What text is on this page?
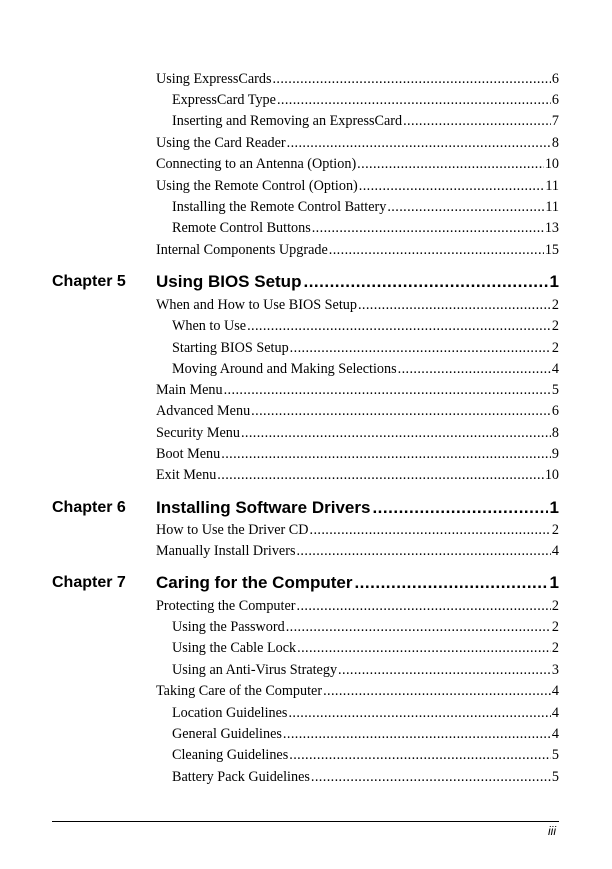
Using ExpressCards .....	6
ExpressCard Type .....	6
Inserting and Removing an ExpressCard .....	7
Using the Card Reader .....	8
Connecting to an Antenna (Option) .....	10
Using the Remote Control (Option) .....	11
Installing the Remote Control Battery .....	11
Remote Control Buttons .....	13
Internal Components Upgrade .....	15
Chapter 5 Using BIOS Setup .....	1
When and How to Use BIOS Setup .....	2
When to Use .....	2
Starting BIOS Setup .....	2
Moving Around and Making Selections .....	4
Main Menu .....	5
Advanced Menu .....	6
Security Menu .....	8
Boot Menu .....	9
Exit Menu .....	10
Chapter 6 Installing Software Drivers .....	1
How to Use the Driver CD .....	2
Manually Install Drivers .....	4
Chapter 7 Caring for the Computer .....	1
Protecting the Computer .....	2
Using the Password .....	2
Using the Cable Lock .....	2
Using an Anti-Virus Strategy .....	3
Taking Care of the Computer .....	4
Location Guidelines .....	4
General Guidelines .....	4
Cleaning Guidelines .....	5
Battery Pack Guidelines .....	5
iii
